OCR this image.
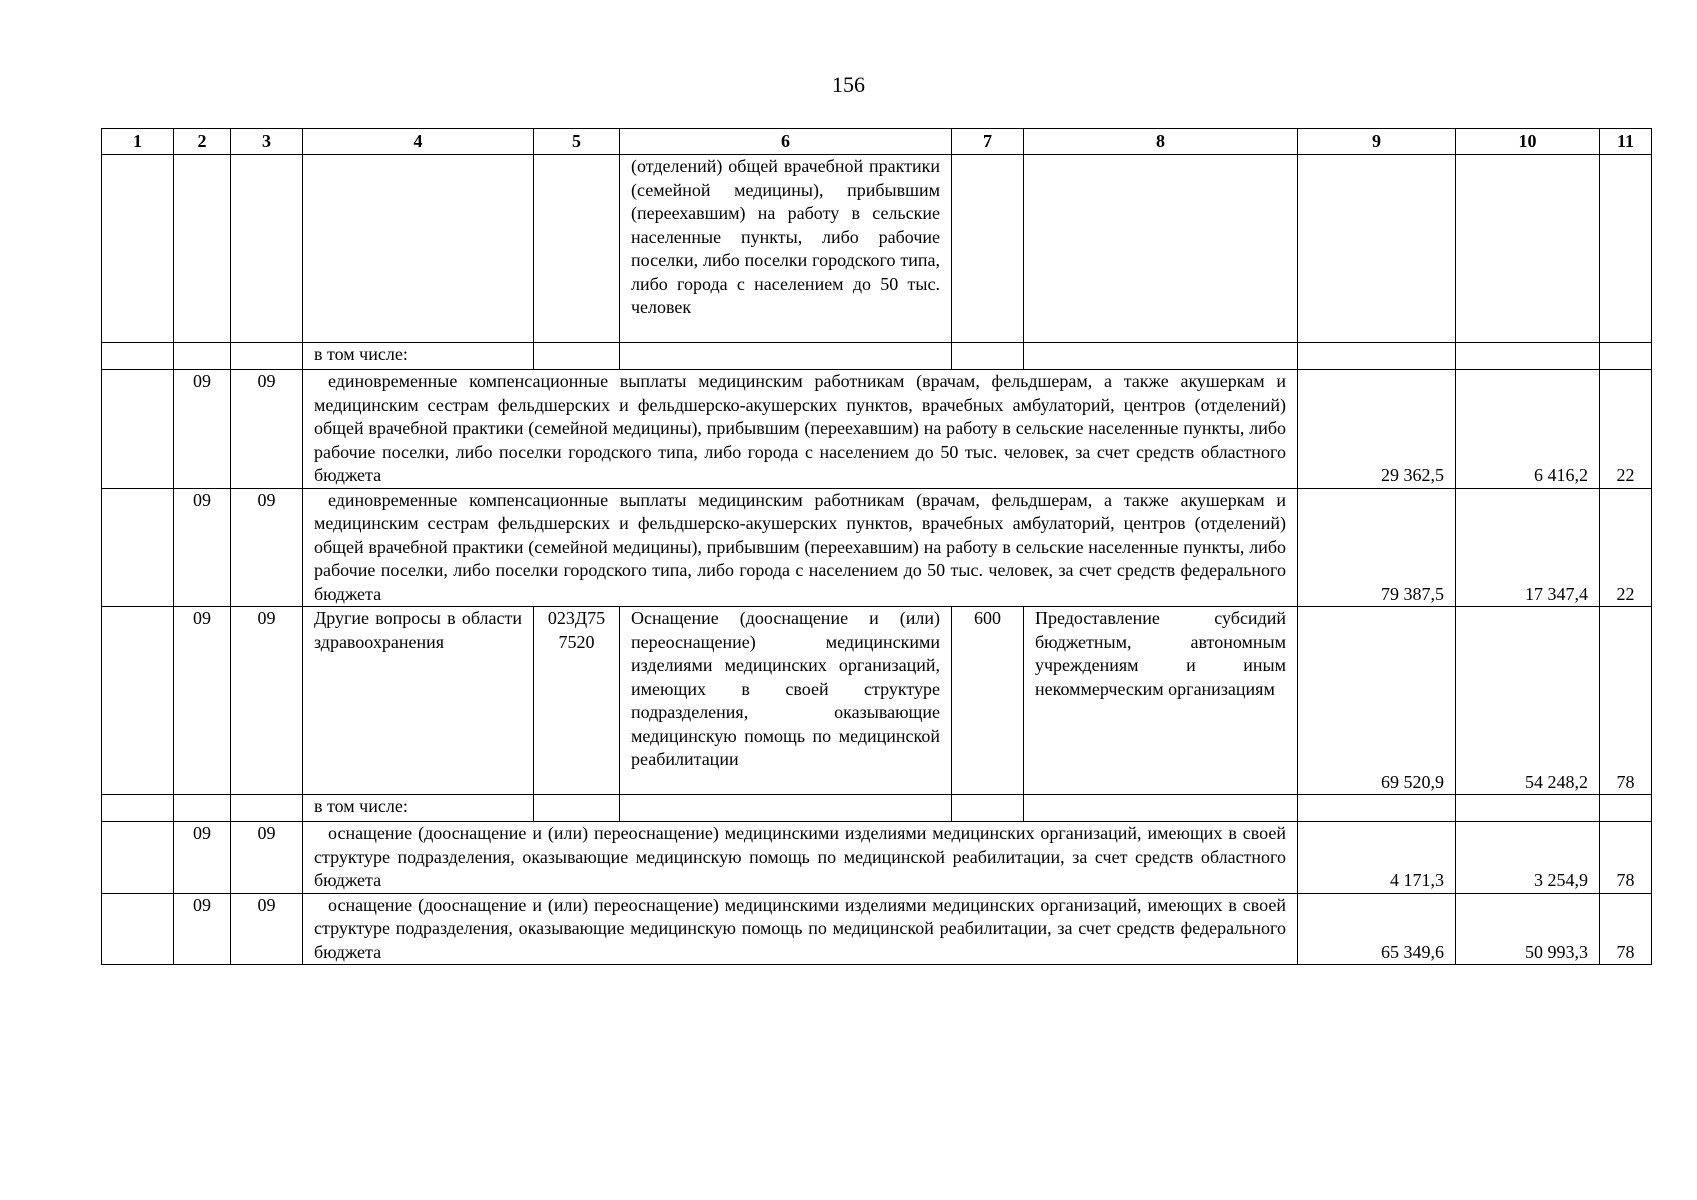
156
1	2	3	4	5	6	7	8	9	10	11
					(отделений) общей врачебной практики (семейной медицины), прибывшим (переехавшим) на работу в сельские населенные пункты, либо рабочие поселки, либо поселки городского типа, либо города с населением до 50 тыс. человек					
			в том числе:							
	09	09	единовременные компенсационные выплаты медицинским работникам (врачам, фельдшерам, а также акушеркам и медицинским сестрам фельдшерских и фельдшерско-акушерских пунктов, врачебных амбулаторий, центров (отделений) общей врачебной практики (семейной медицины), прибывшим (переехавшим) на работу в сельские населенные пункты, либо рабочие поселки, либо поселки городского типа, либо города с населением до 50 тыс. человек, за счет средств областного бюджета					29 362,5	6 416,2	22
	09	09	единовременные компенсационные выплаты медицинским работникам (врачам, фельдшерам, а также акушеркам и медицинским сестрам фельдшерских и фельдшерско-акушерских пунктов, врачебных амбулаторий, центров (отделений) общей врачебной практики (семейной медицины), прибывшим (переехавшим) на работу в сельские населенные пункты, либо рабочие поселки, либо поселки городского типа, либо города с населением до 50 тыс. человек, за счет средств федерального бюджета					79 387,5	17 347,4	22
	09	09	Другие вопросы в области здравоохранения	023Д75 7520	Оснащение (дооснащение и (или) переоснащение) медицинскими изделиями медицинских организаций, имеющих в своей структуре подразделения, оказывающие медицинскую помощь по медицинской реабилитации	600	Предоставление субсидий бюджетным, автономным учреждениям и иным некоммерческим организациям	69 520,9	54 248,2	78
			в том числе:							
	09	09	оснащение (дооснащение и (или) переоснащение) медицинскими изделиями медицинских организаций, имеющих в своей структуре подразделения, оказывающие медицинскую помощь по медицинской реабилитации, за счет средств областного бюджета					4 171,3	3 254,9	78
	09	09	оснащение (дооснащение и (или) переоснащение) медицинскими изделиями медицинских организаций, имеющих в своей структуре подразделения, оказывающие медицинскую помощь по медицинской реабилитации, за счет средств федерального бюджета					65 349,6	50 993,3	78
